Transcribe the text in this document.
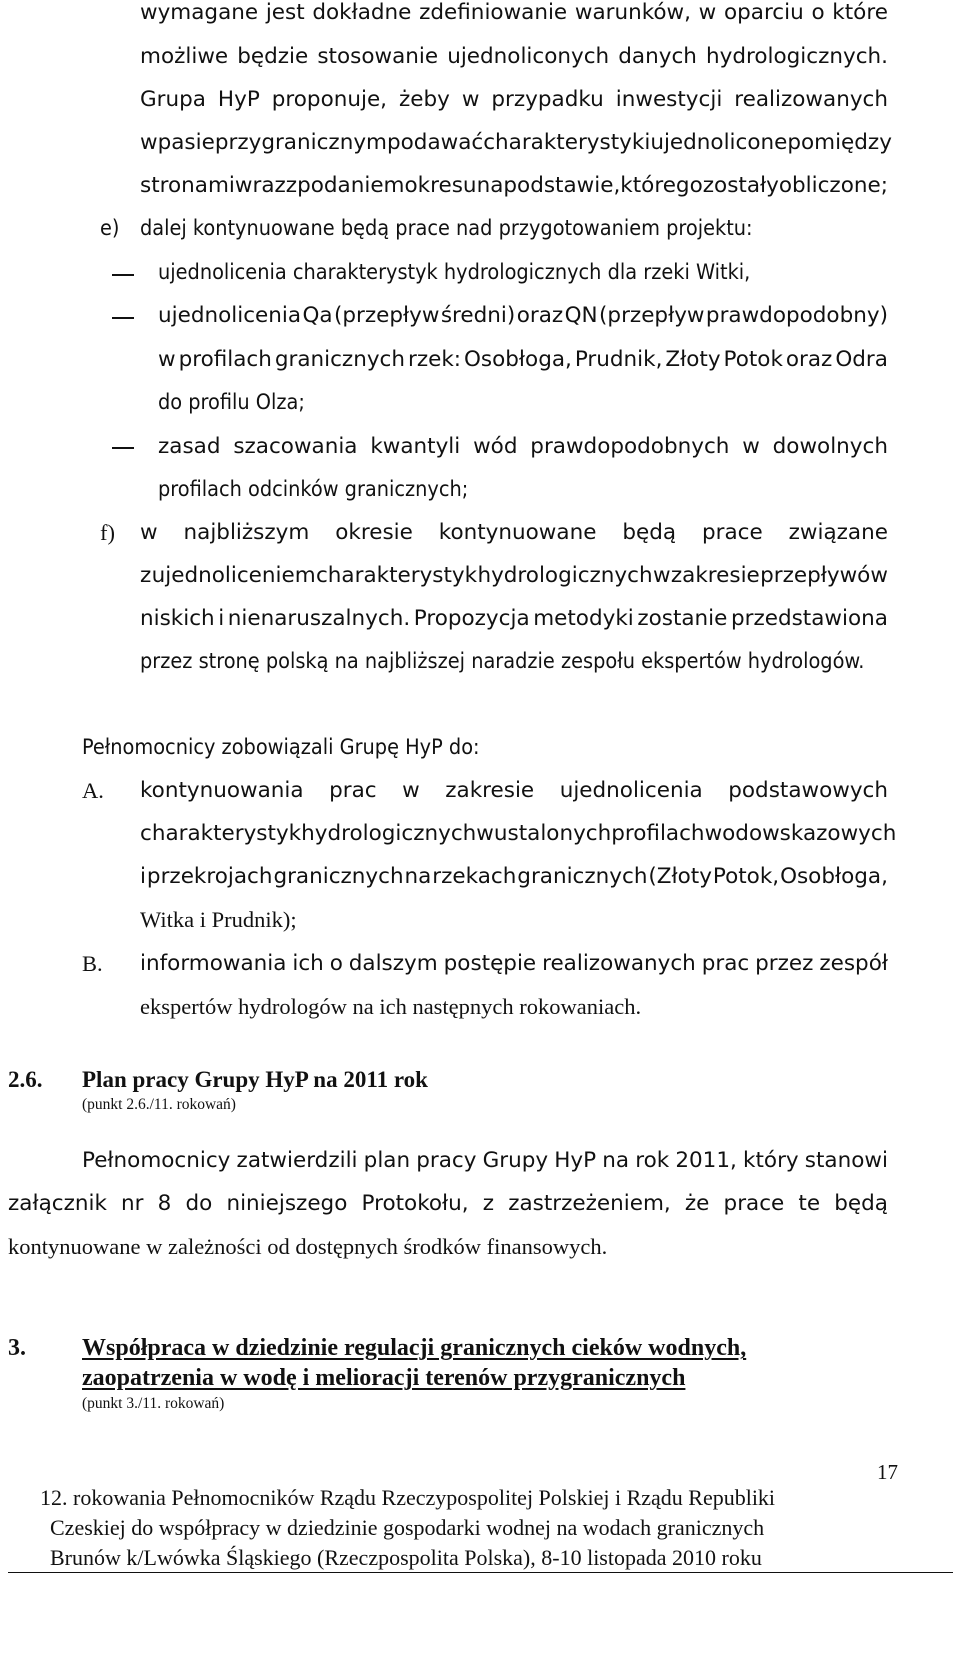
wymagane jest dokładne zdefiniowanie warunków, w oparciu o które
możliwe będzie stosowanie ujednoliconych danych hydrologicznych.
Grupa HyP proponuje, żeby w przypadku inwestycji realizowanych
w pasie przygranicznym podawać charakterystyki ujednolicone pomiędzy
stronami wraz z podaniem okresu na podstawie, którego zostały obliczone;
e) dalej kontynuowane będą prace nad przygotowaniem projektu:
ujednolicenia charakterystyk hydrologicznych dla rzeki Witki,
ujednolicenia Qa (przepływ średni) oraz QN (przepływ prawdopodobny)
w profilach granicznych rzek: Osobłoga, Prudnik, Złoty Potok oraz Odra
do profilu Olza;
zasad szacowania kwantyli wód prawdopodobnych w dowolnych
profilach odcinków granicznych;
f) w najbliższym okresie kontynuowane będą prace związane
z ujednoliceniem charakterystyk hydrologicznych w zakresie przepływów
niskich i nienaruszalnych. Propozycja metodyki zostanie przedstawiona
przez stronę polską na najbliższej naradzie zespołu ekspertów hydrologów.
Pełnomocnicy zobowiązali Grupę HyP do:
A. kontynuowania prac w zakresie ujednolicenia podstawowych
charakterystyk hydrologicznych w ustalonych profilach wodowskazowych
i przekrojach granicznych na rzekach granicznych (Złoty Potok, Osobłoga,
Witka i Prudnik);
B. informowania ich o dalszym postępie realizowanych prac przez zespół
ekspertów hydrologów na ich następnych rokowaniach.
2.6. Plan pracy Grupy HyP na 2011 rok
(punkt 2.6./11. rokowań)
Pełnomocnicy zatwierdzili plan pracy Grupy HyP na rok 2011, który stanowi
załącznik nr 8 do niniejszego Protokołu, z zastrzeżeniem, że prace te będą
kontynuowane w zależności od dostępnych środków finansowych.
3. Współpraca w dziedzinie regulacji granicznych cieków wodnych,
zaopatrzenia w wodę i melioracji terenów przygranicznych
(punkt 3./11. rokowań)
17
12. rokowania Pełnomocników Rządu Rzeczypospolitej Polskiej i Rządu Republiki
Czeskiej do współpracy w dziedzinie gospodarki wodnej na wodach granicznych
Brunów k/Lwówka Śląskiego (Rzeczpospolita Polska), 8-10 listopada 2010 roku
